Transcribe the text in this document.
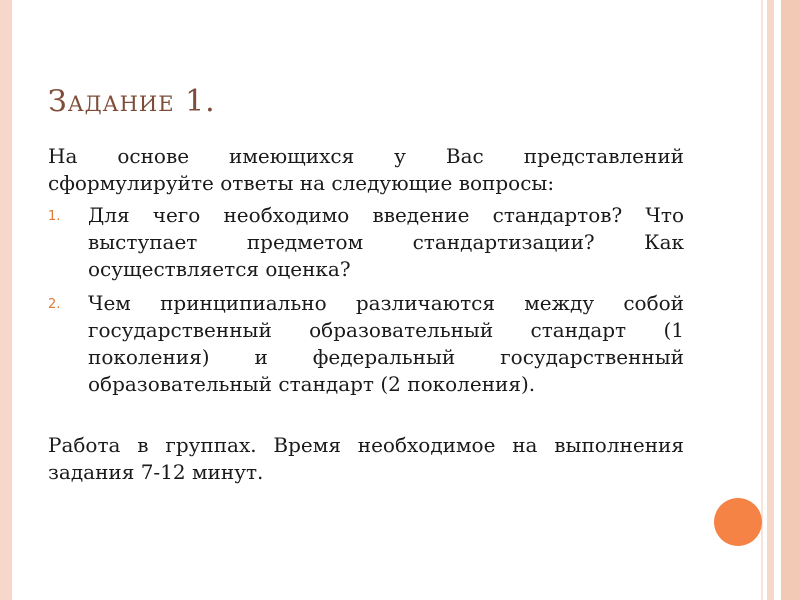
Задание 1.

На основе имеющихся у Вас представлений сформулируйте ответы на следующие вопросы:

1. Для чего необходимо введение стандартов? Что выступает предметом стандартизации? Как осуществляется оценка?
2. Чем принципиально различаются между собой государственный образовательный стандарт (1 поколения) и федеральный государственный образовательный стандарт (2 поколения).

Работа в группах. Время необходимое на выполнения задания 7-12 минут.
